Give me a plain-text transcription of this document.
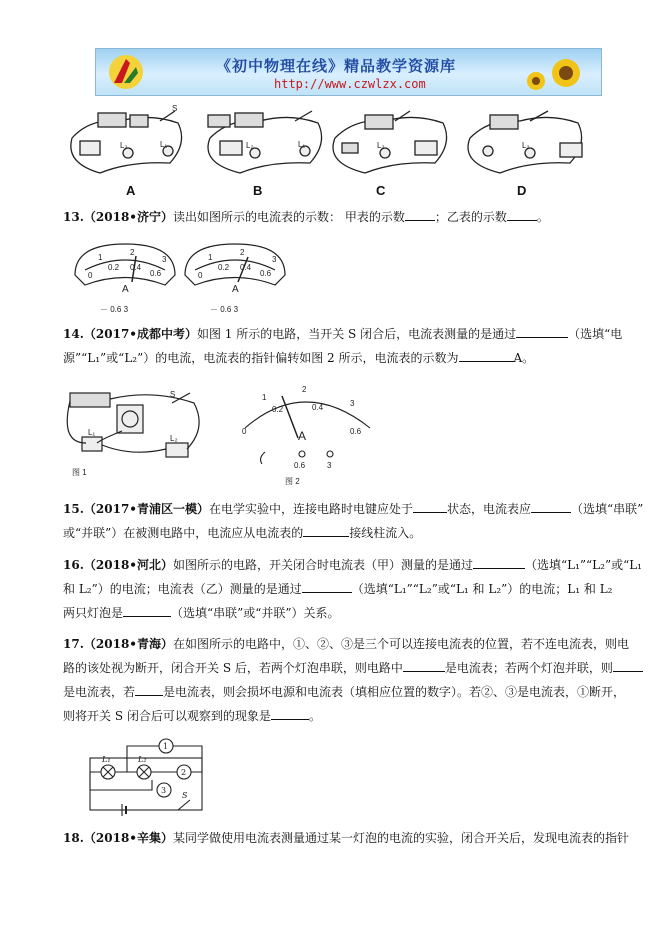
《初中物理在线》精品教学资源库
http://www.czwlzx.com
L₂	L₁
S
L₂	L₁	L₂	L₂
A	B	C	D
13.（2018•济宁）读出如图所示的电流表的示数： 甲表的示数	；乙表的示数	。
0
0.2 0.4
0.6
1
2
3
A
－ 0.6 3
0
0.2 0.4
0.6
1
2
3
A
－ 0.6 3
14.（2017•成都中考）如图 1 所示的电路，当开关 S 闭合后，电流表测量的是通过	（选填“电
源”“L₁”或“L₂”）的电流，电流表的指针偏转如图 2 所示，电流表的示数为	A。
S
L₁
L₂
图 1
0
0.2	0.4
0.6
1
2
3
A
0.6	3
图 2
15.（2017•青浦区一模）在电学实验中，连接电路时电键应处于	状态，电流表应	（选填“串联”
或“并联”）在被测电路中，电流应从电流表的	接线柱流入。
16.（2018•河北）如图所示的电路，开关闭合时电流表（甲）测量的是通过	（选填“L₁”“L₂”或“L₁
和 L₂”）的电流；电流表（乙）测量的是通过	（选填“L₁”“L₂”或“L₁ 和 L₂”）的电流；L₁ 和 L₂
两只灯泡是	（选填“串联”或“并联”）关系。
17.（2018•青海）在如图所示的电路中，①、②、③是三个可以连接电流表的位置，若不连电流表，则电
路的该处视为断开，闭合开关 S 后，若两个灯泡串联，则电路中	是电流表；若两个灯泡并联，则
是电流表，若 是电流表，则会损坏电源和电流表（填相应位置的数字）。若②、③是电流表，①断开，
则将开关 S 闭合后可以观察到的现象是	。
L₁	L₂
1
2
3
S
18.（2018•辛集）某同学做使用电流表测量通过某一灯泡的电流的实验，闭合开关后，发现电流表的指针
